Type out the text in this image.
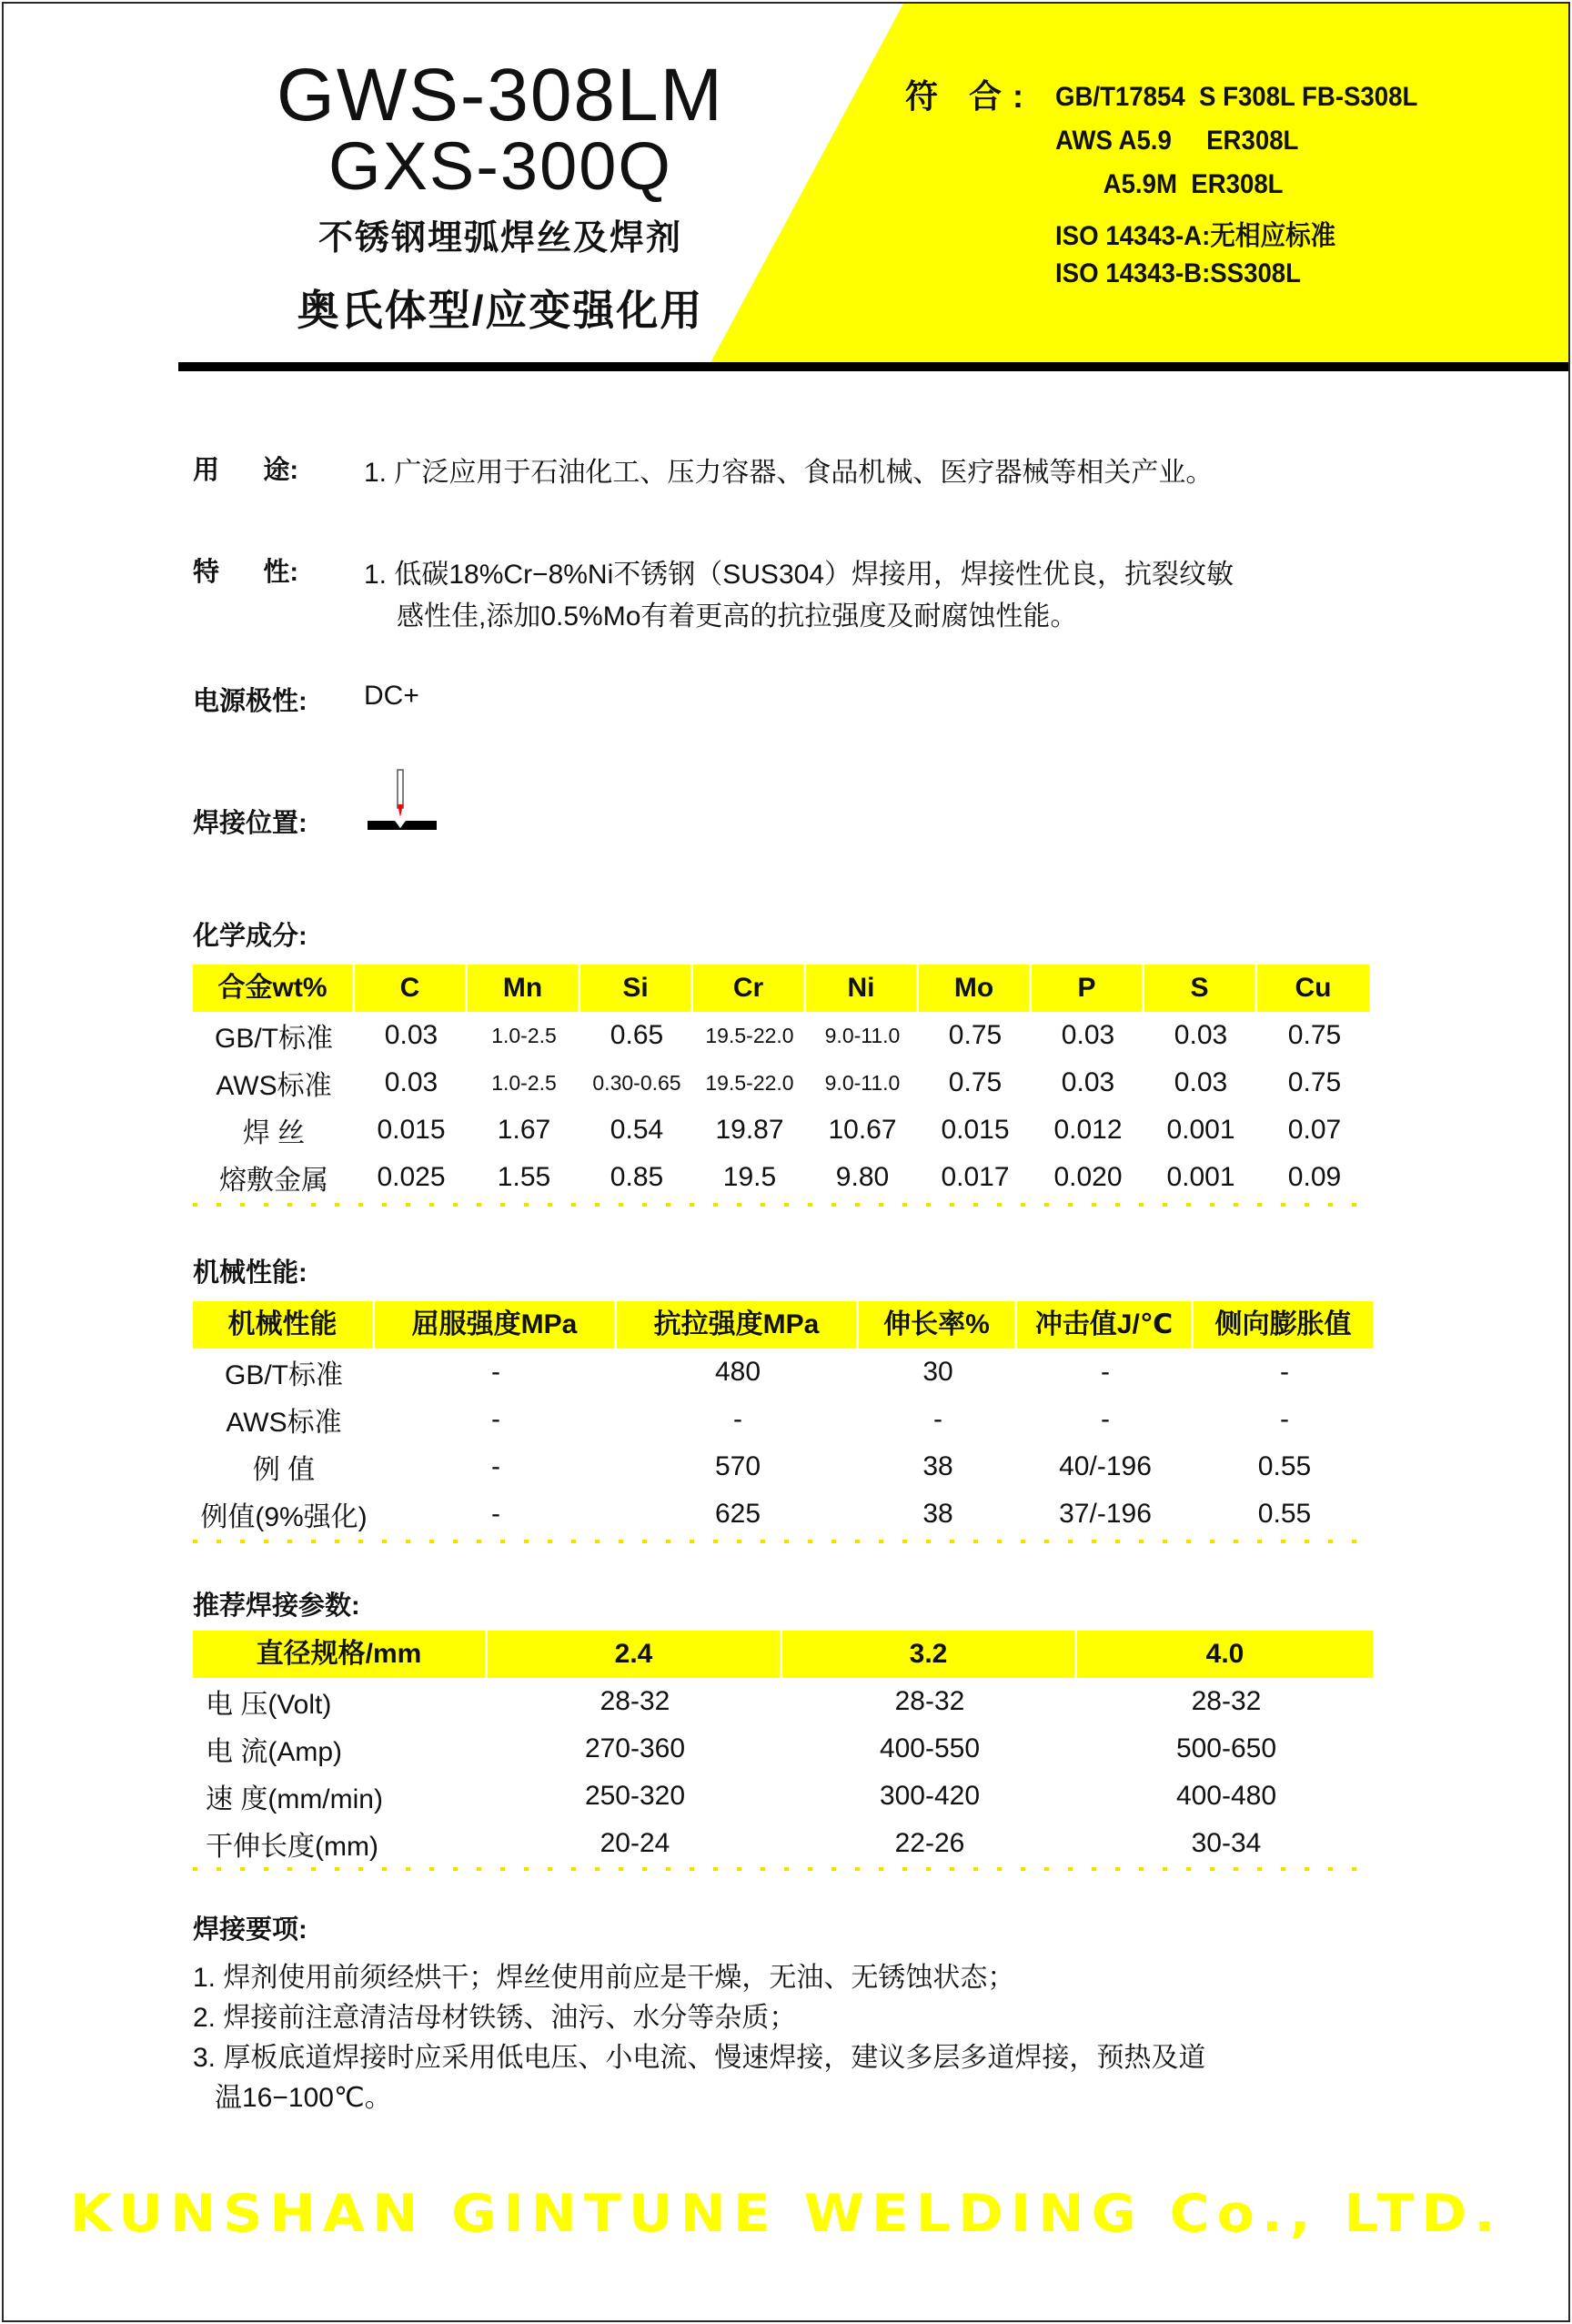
GWS-308LM
GXS-300Q
不锈钢埋弧焊丝及焊剂
奥氏体型/应变强化用
符 合: GB/T17854  S F308L FB-S308L
AWS A5.9     ER308L
A5.9M  ER308L
ISO 14343-A:无相应标准
ISO 14343-B:SS308L
用      途: 1. 广泛应用于石油化工、压力容器、食品机械、医疗器械等相关产业。
特      性: 1. 低碳18%Cr−8%Ni不锈钢（SUS304）焊接用，焊接性优良，抗裂纹敏
感性佳,添加0.5%Mo有着更高的抗拉强度及耐腐蚀性能。
电源极性: DC+
焊接位置:
化学成分:
合金wt%	C	Mn	Si	Cr	Ni	Mo	P	S	Cu
GB/T标准	0.03	1.0-2.5	0.65	19.5-22.0	9.0-11.0	0.75	0.03	0.03	0.75
AWS标准	0.03	1.0-2.5	0.30-0.65	19.5-22.0	9.0-11.0	0.75	0.03	0.03	0.75
焊 丝	0.015	1.67	0.54	19.87	10.67	0.015	0.012	0.001	0.07
熔敷金属	0.025	1.55	0.85	19.5	9.80	0.017	0.020	0.001	0.09
机械性能:
机械性能	屈服强度MPa	抗拉强度MPa	伸长率%	冲击值J/℃	侧向膨胀值
GB/T标准	-	480	30	-	-
AWS标准	-	-	-	-	-
例 值	-	570	38	40/-196	0.55
例值(9%强化)	-	625	38	37/-196	0.55
推荐焊接参数:
直径规格/mm	2.4	3.2	4.0
电 压(Volt)	28-32	28-32	28-32
电 流(Amp)	270-360	400-550	500-650
速 度(mm/min)	250-320	300-420	400-480
干伸长度(mm)	20-24	22-26	30-34
焊接要项:
1. 焊剂使用前须经烘干；焊丝使用前应是干燥，无油、无锈蚀状态；
2. 焊接前注意清洁母材铁锈、油污、水分等杂质；
3. 厚板底道焊接时应采用低电压、小电流、慢速焊接，建议多层多道焊接，预热及道
温16−100℃。
KUNSHAN GINTUNE WELDING Co., LTD.
